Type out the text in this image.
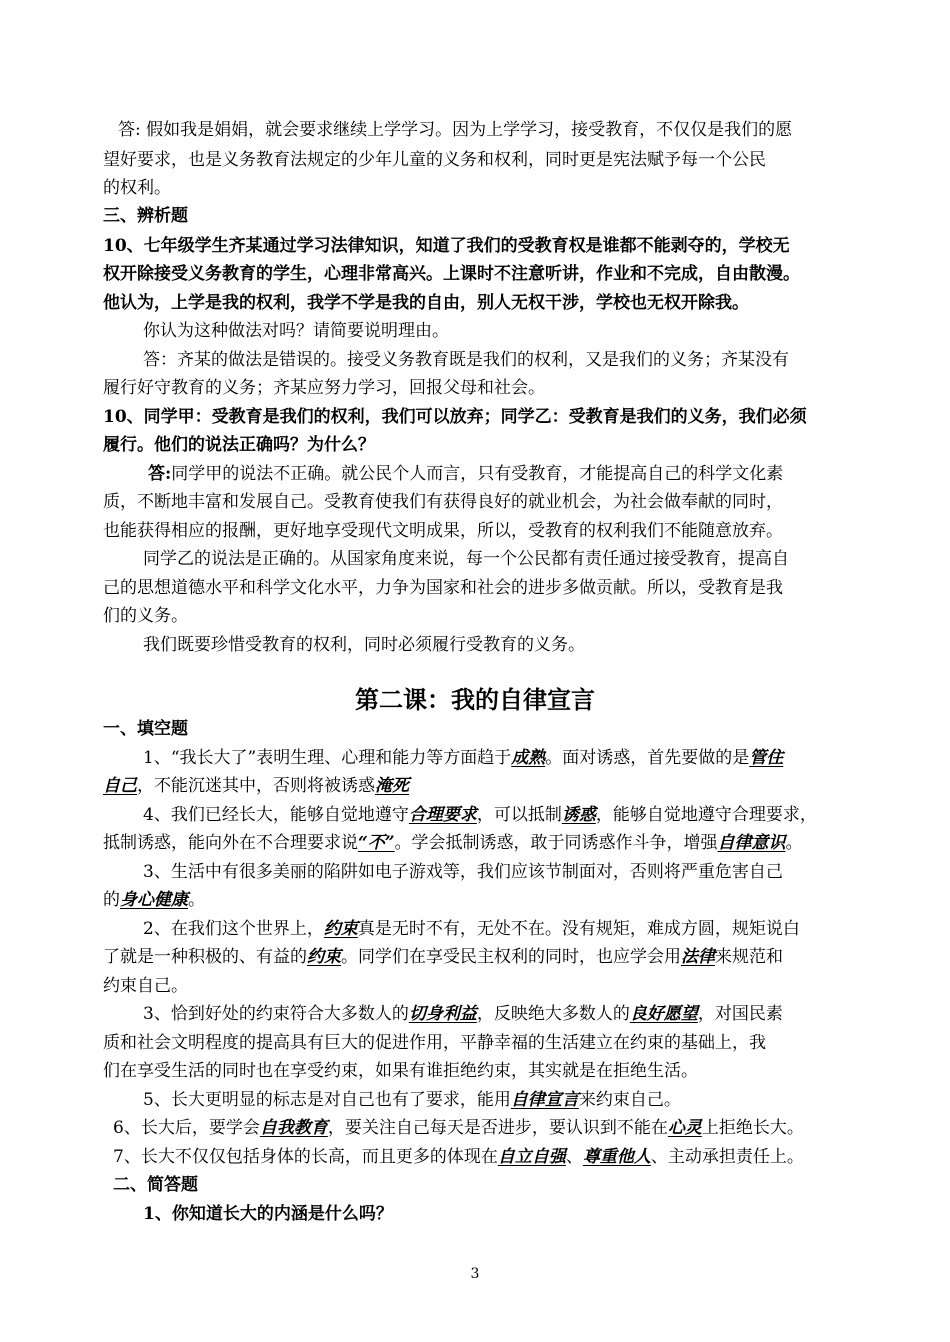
答: 假如我是娟娟，就会要求继续上学学习。因为上学学习，接受教育，不仅仅是我们的愿
望好要求，也是义务教育法规定的少年儿童的义务和权利，同时更是宪法赋予每一个公民
的权利。
三、辨析题
10、七年级学生齐某通过学习法律知识，知道了我们的受教育权是谁都不能剥夺的，学校无
权开除接受义务教育的学生，心理非常高兴。上课时不注意听讲，作业和不完成，自由散漫。
他认为，上学是我的权利，我学不学是我的自由，别人无权干涉，学校也无权开除我。
你认为这种做法对吗？请简要说明理由。
答：齐某的做法是错误的。接受义务教育既是我们的权利，又是我们的义务；齐某没有
履行好守教育的义务；齐某应努力学习，回报父母和社会。
10、同学甲：受教育是我们的权利，我们可以放弃；同学乙：受教育是我们的义务，我们必须
履行。他们的说法正确吗？为什么？
答:同学甲的说法不正确。就公民个人而言，只有受教育，才能提高自己的科学文化素
质，不断地丰富和发展自己。受教育使我们有获得良好的就业机会，为社会做奉献的同时，
也能获得相应的报酬，更好地享受现代文明成果，所以，受教育的权利我们不能随意放弃。
同学乙的说法是正确的。从国家角度来说，每一个公民都有责任通过接受教育，提高自
己的思想道德水平和科学文化水平，力争为国家和社会的进步多做贡献。所以，受教育是我
们的义务。
我们既要珍惜受教育的权利，同时必须履行受教育的义务。
第二课：我的自律宣言
一、填空题
1、“我长大了”表明生理、心理和能力等方面趋于成熟。面对诱惑，首先要做的是管住
自己，不能沉迷其中，否则将被诱惑淹死
4、我们已经长大，能够自觉地遵守合理要求，可以抵制诱惑，能够自觉地遵守合理要求，
抵制诱惑，能向外在不合理要求说“不”。学会抵制诱惑，敢于同诱惑作斗争，增强自律意识。
3、生活中有很多美丽的陷阱如电子游戏等，我们应该节制面对，否则将严重危害自己
的身心健康。
2、在我们这个世界上，约束真是无时不有，无处不在。没有规矩，难成方圆，规矩说白
了就是一种积极的、有益的约束。同学们在享受民主权利的同时，也应学会用法律来规范和
约束自己。
3、恰到好处的约束符合大多数人的切身利益，反映绝大多数人的良好愿望，对国民素
质和社会文明程度的提高具有巨大的促进作用，平静幸福的生活建立在约束的基础上，我
们在享受生活的同时也在享受约束，如果有谁拒绝约束，其实就是在拒绝生活。
5、长大更明显的标志是对自己也有了要求，能用自律宣言来约束自己。
6、长大后，要学会自我教育，要关注自己每天是否进步，要认识到不能在心灵上拒绝长大。
7、长大不仅仅包括身体的长高，而且更多的体现在自立自强、尊重他人、主动承担责任上。
二、简答题
1、你知道长大的内涵是什么吗？
3
